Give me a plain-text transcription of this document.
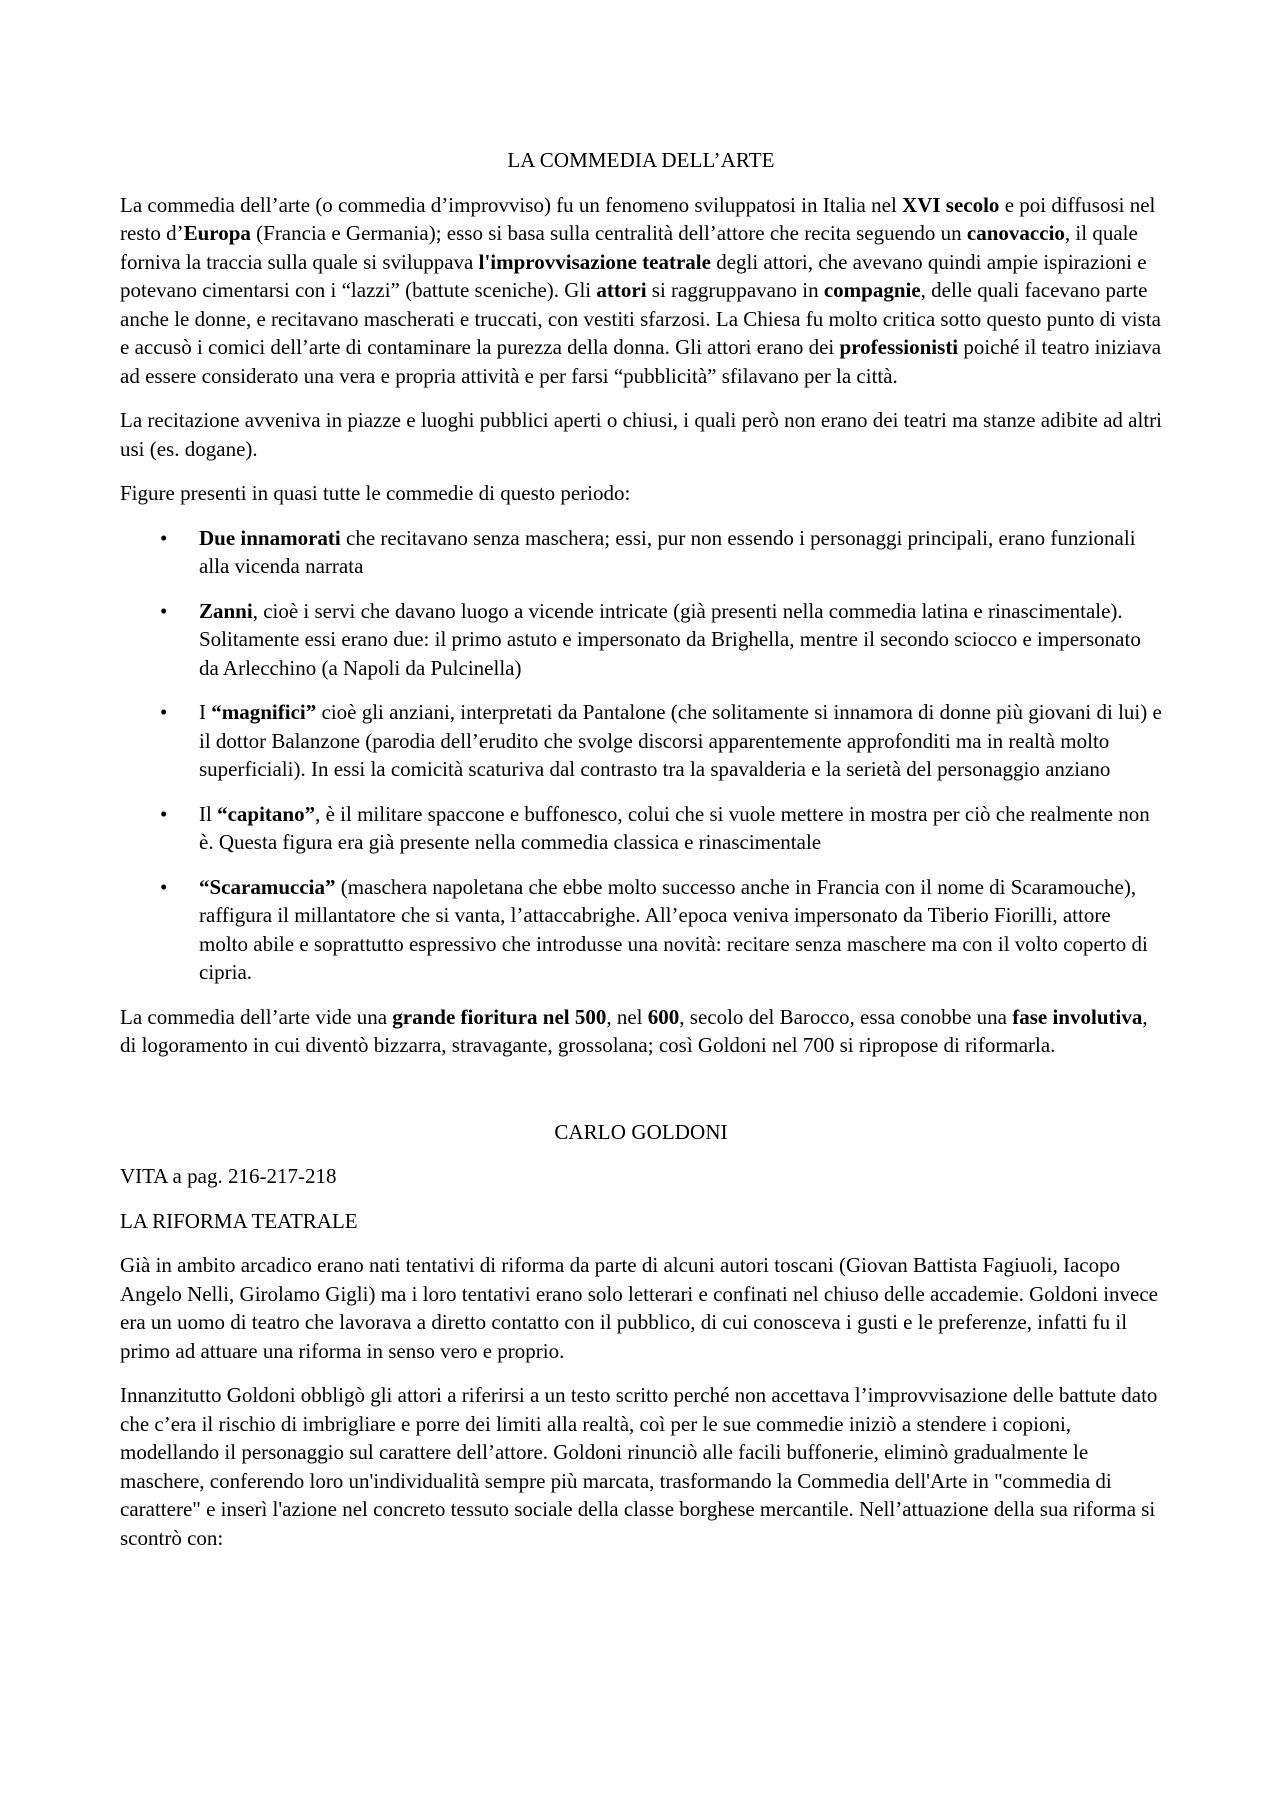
LA COMMEDIA DELL’ARTE

La commedia dell’arte (o commedia d’improvviso) fu un fenomeno sviluppatosi in Italia nel XVI secolo e poi diffusosi nel resto d’Europa (Francia e Germania); esso si basa sulla centralità dell’attore che recita seguendo un canovaccio, il quale forniva la traccia sulla quale si sviluppava l'improvvisazione teatrale degli attori, che avevano quindi ampie ispirazioni e potevano cimentarsi con i “lazzi” (battute sceniche). Gli attori si raggruppavano in compagnie, delle quali facevano parte anche le donne, e recitavano mascherati e truccati, con vestiti sfarzosi. La Chiesa fu molto critica sotto questo punto di vista e accusò i comici dell’arte di contaminare la purezza della donna. Gli attori erano dei professionisti poiché il teatro iniziava ad essere considerato una vera e propria attività e per farsi “pubblicità” sfilavano per la città.

La recitazione avveniva in piazze e luoghi pubblici aperti o chiusi, i quali però non erano dei teatri ma stanze adibite ad altri usi (es. dogane).

Figure presenti in quasi tutte le commedie di questo periodo:

• Due innamorati che recitavano senza maschera; essi, pur non essendo i personaggi principali, erano funzionali alla vicenda narrata
• Zanni, cioè i servi che davano luogo a vicende intricate (già presenti nella commedia latina e rinascimentale). Solitamente essi erano due: il primo astuto e impersonato da Brighella, mentre il secondo sciocco e impersonato da Arlecchino (a Napoli da Pulcinella)
• I “magnifici” cioè gli anziani, interpretati da Pantalone (che solitamente si innamora di donne più giovani di lui) e il dottor Balanzone (parodia dell’erudito che svolge discorsi apparentemente approfonditi ma in realtà molto superficiali). In essi la comicità scaturiva dal contrasto tra la spavalderia e la serietà del personaggio anziano
• Il “capitano”, è il militare spaccone e buffonesco, colui che si vuole mettere in mostra per ciò che realmente non è. Questa figura era già presente nella commedia classica e rinascimentale
• “Scaramuccia” (maschera napoletana che ebbe molto successo anche in Francia con il nome di Scaramouche), raffigura il millantatore che si vanta, l’attaccabrighe. All’epoca veniva impersonato da Tiberio Fiorilli, attore molto abile e soprattutto espressivo che introdusse una novità: recitare senza maschere ma con il volto coperto di cipria.

La commedia dell’arte vide una grande fioritura nel 500, nel 600, secolo del Barocco, essa conobbe una fase involutiva, di logoramento in cui diventò bizzarra, stravagante, grossolana; così Goldoni nel 700 si ripropose di riformarla.

CARLO GOLDONI

VITA a pag. 216-217-218

LA RIFORMA TEATRALE

Già in ambito arcadico erano nati tentativi di riforma da parte di alcuni autori toscani (Giovan Battista Fagiuoli, Iacopo Angelo Nelli, Girolamo Gigli) ma i loro tentativi erano solo letterari e confinati nel chiuso delle accademie. Goldoni invece era un uomo di teatro che lavorava a diretto contatto con il pubblico, di cui conosceva i gusti e le preferenze, infatti fu il primo ad attuare una riforma in senso vero e proprio.

Innanzitutto Goldoni obbligò gli attori a riferirsi a un testo scritto perché non accettava l’improvvisazione delle battute dato che c’era il rischio di imbrigliare e porre dei limiti alla realtà, coì per le sue commedie iniziò a stendere i copioni, modellando il personaggio sul carattere dell’attore. Goldoni rinunciò alle facili buffonerie, eliminò gradualmente le maschere, conferendo loro un'individualità sempre più marcata, trasformando la Commedia dell'Arte in "commedia di carattere" e inserì l'azione nel concreto tessuto sociale della classe borghese mercantile. Nell’attuazione della sua riforma si scontrò con:
